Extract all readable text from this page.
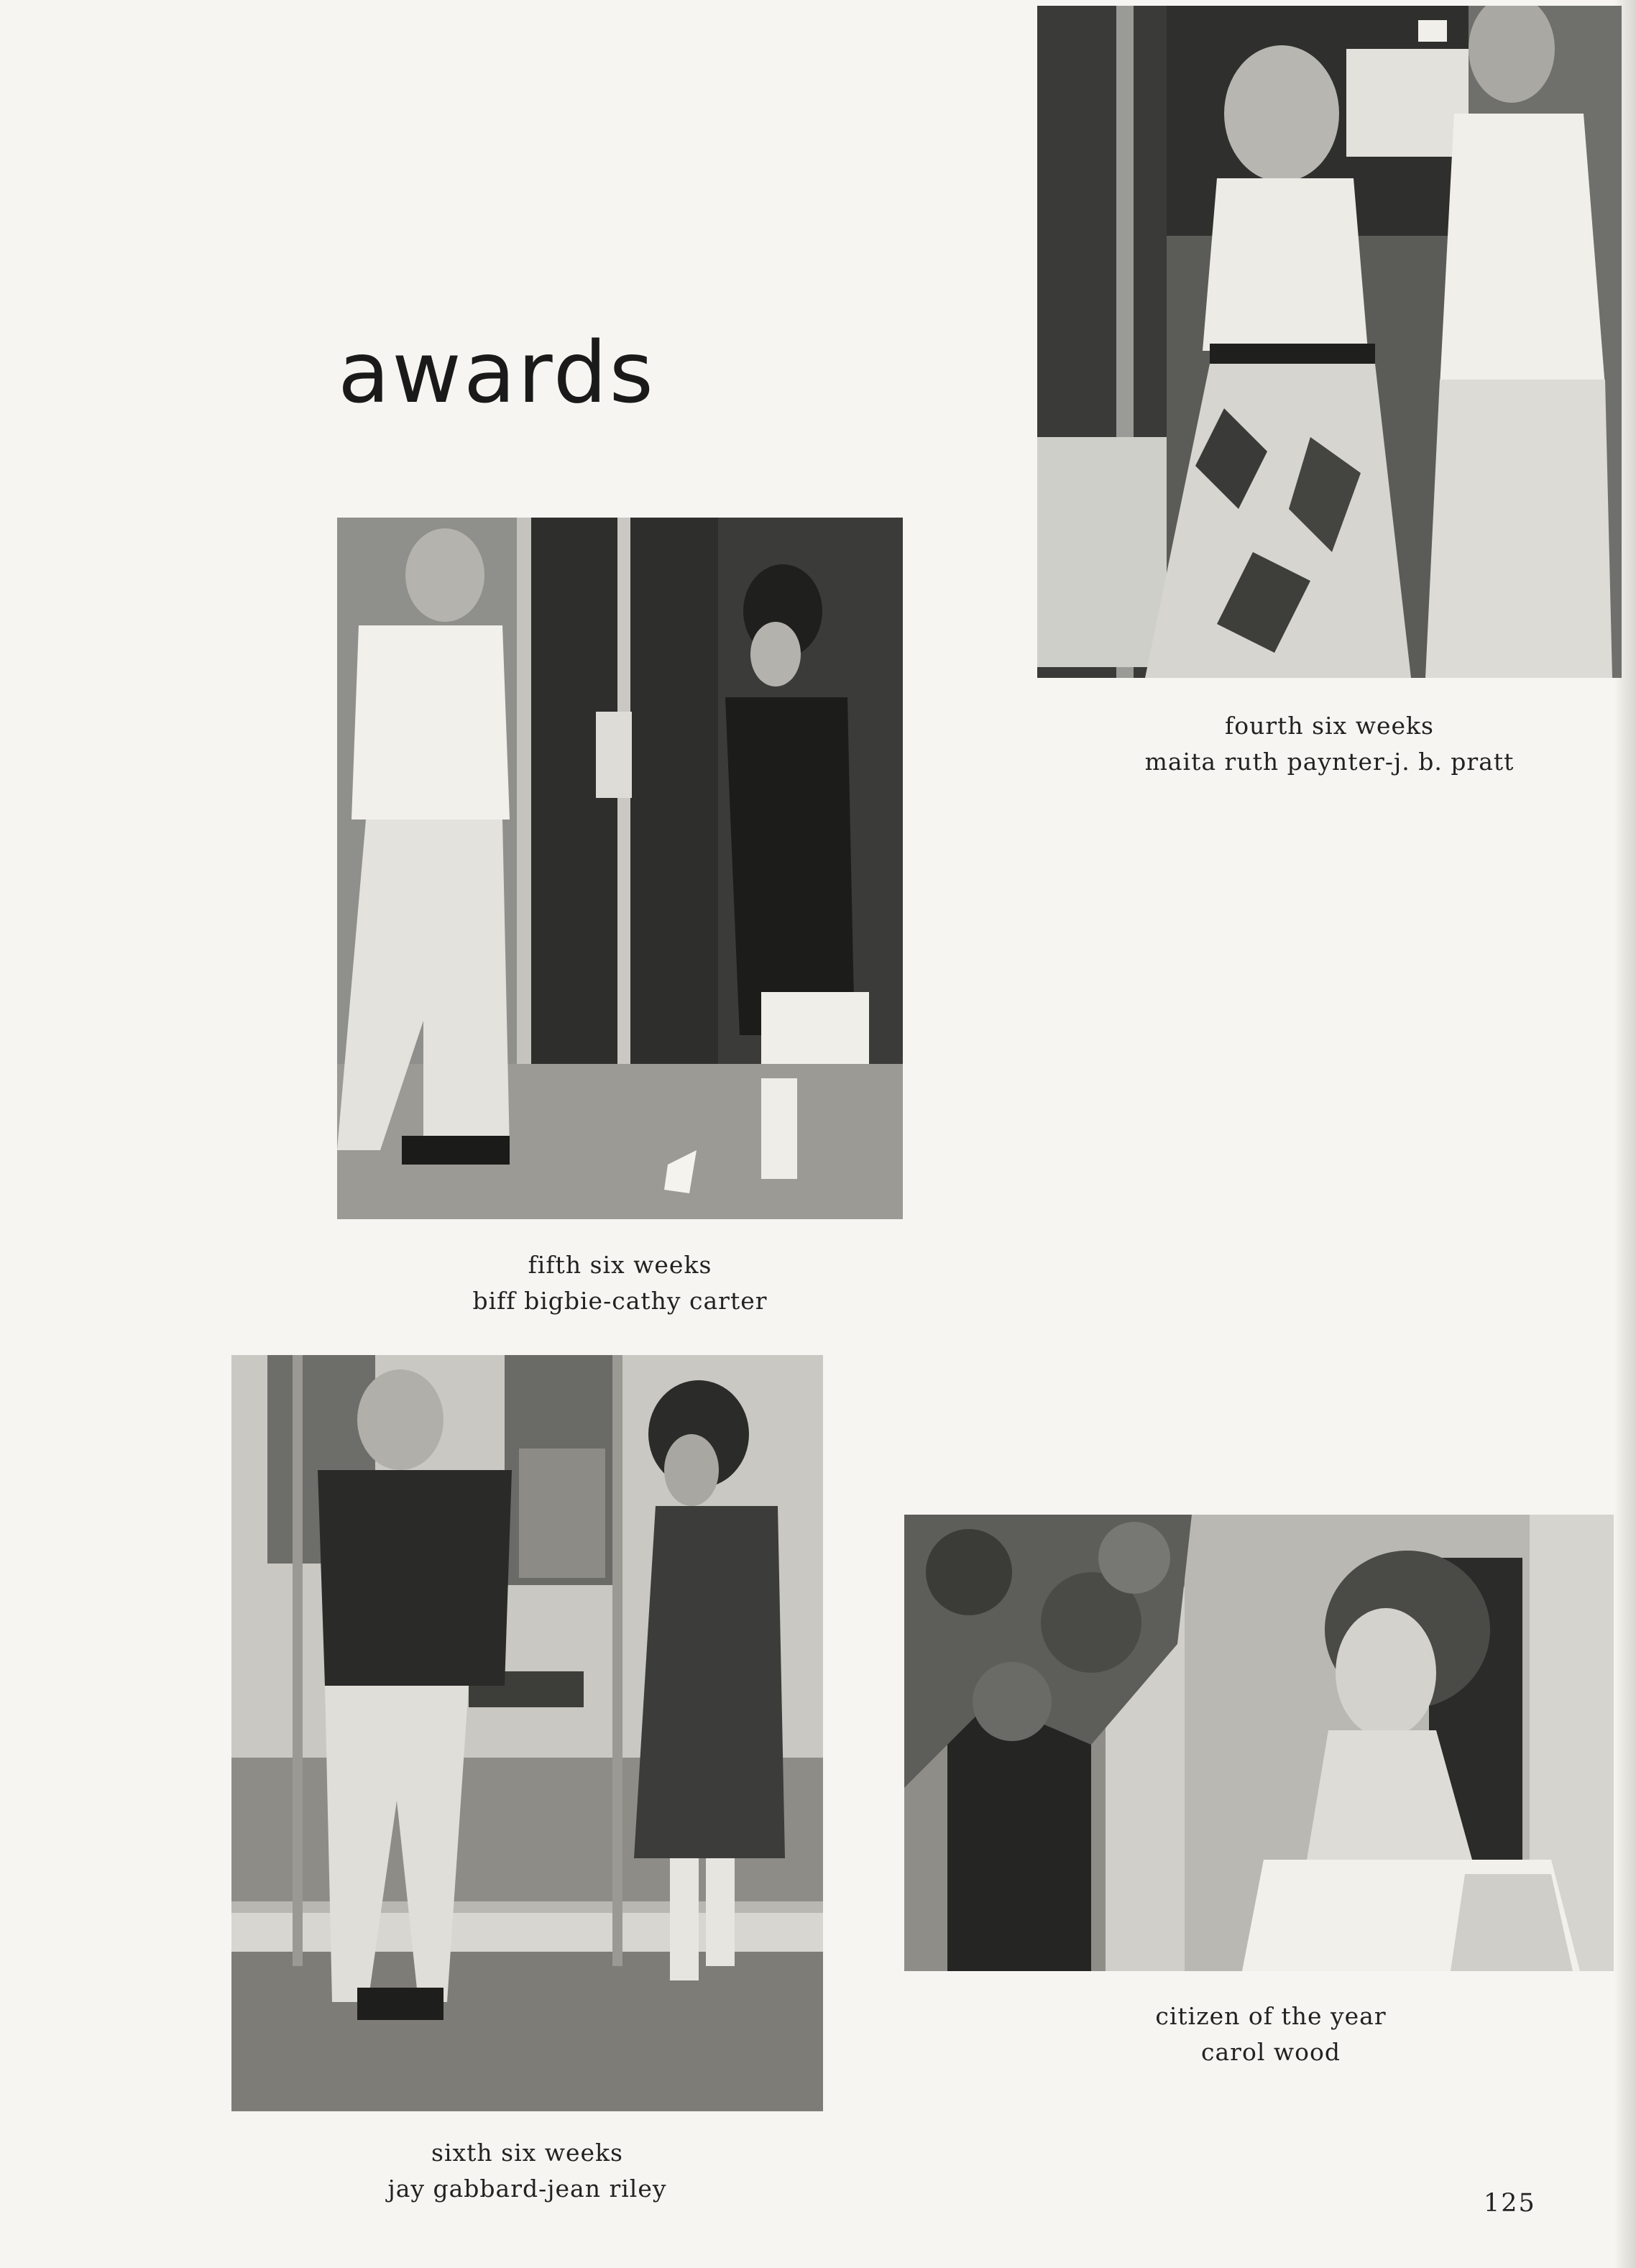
awards
fourth six weeks
maita ruth paynter-j. b. pratt
fifth six weeks
biff bigbie-cathy carter
sixth six weeks
jay gabbard-jean riley
citizen of the year
carol wood
125
